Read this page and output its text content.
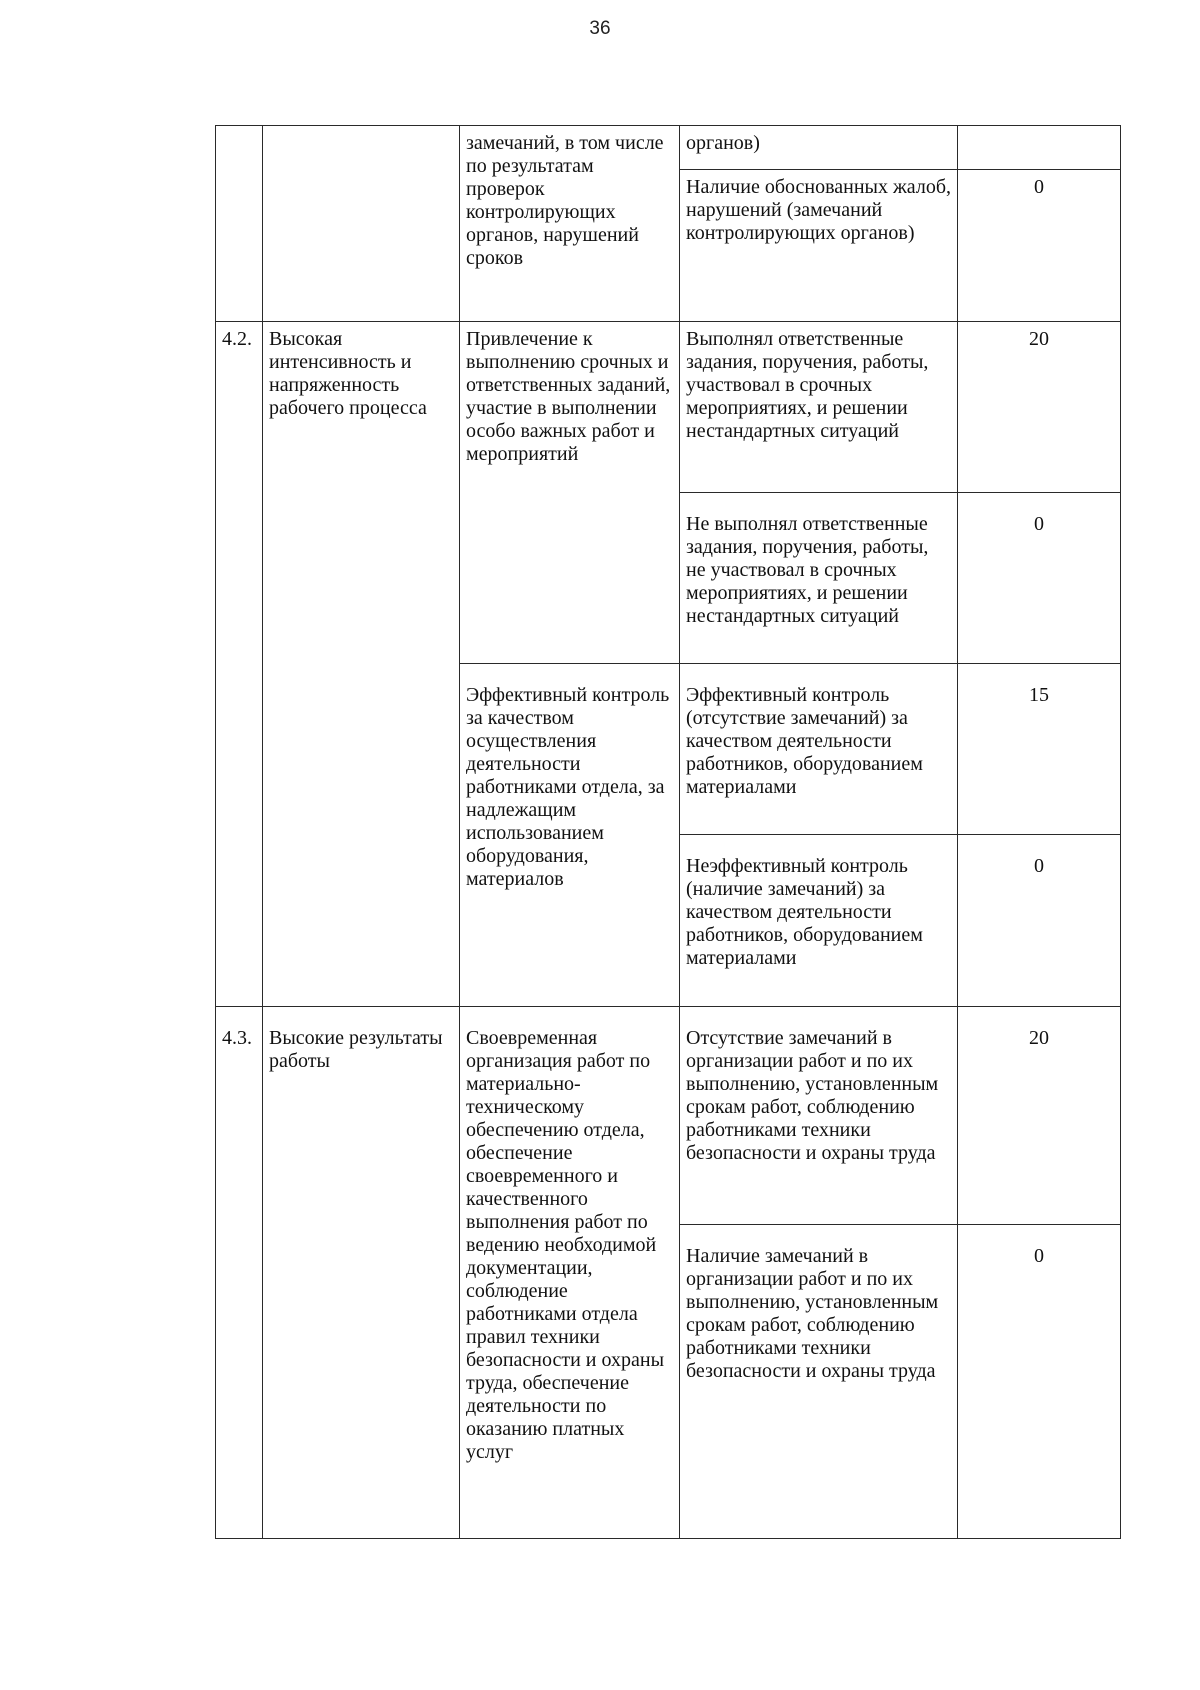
36
		замечаний, в том числе по результатам проверок контролирующих органов, нарушений сроков	органов)	
			Наличие обоснованных жалоб, нарушений (замечаний контролирующих органов)	0
4.2.	Высокая интенсивность и напряженность рабочего процесса	Привлечение к выполнению срочных и ответственных заданий, участие в выполнении особо важных работ и мероприятий	Выполнял ответственные задания, поручения, работы, участвовал в срочных мероприятиях, и решении нестандартных ситуаций	20
			Не выполнял ответственные задания, поручения, работы, не участвовал в срочных мероприятиях, и решении нестандартных ситуаций	0
		Эффективный контроль за качеством осуществления деятельности работниками отдела, за надлежащим использованием оборудования, материалов	Эффективный контроль (отсутствие замечаний) за качеством деятельности работников, оборудованием материалами	15
			Неэффективный контроль (наличие замечаний) за качеством деятельности работников, оборудованием материалами	0
4.3.	Высокие результаты работы	Своевременная организация работ по материально-техническому обеспечению отдела, обеспечение своевременного и качественного выполнения работ по ведению необходимой документации, соблюдение работниками отдела правил техники безопасности и охраны труда, обеспечение деятельности по оказанию платных услуг	Отсутствие замечаний в организации работ и по их выполнению, установленным срокам работ, соблюдению работниками техники безопасности и охраны труда	20
			Наличие замечаний в организации работ и по их выполнению, установленным срокам работ, соблюдению работниками техники безопасности и охраны труда	0
